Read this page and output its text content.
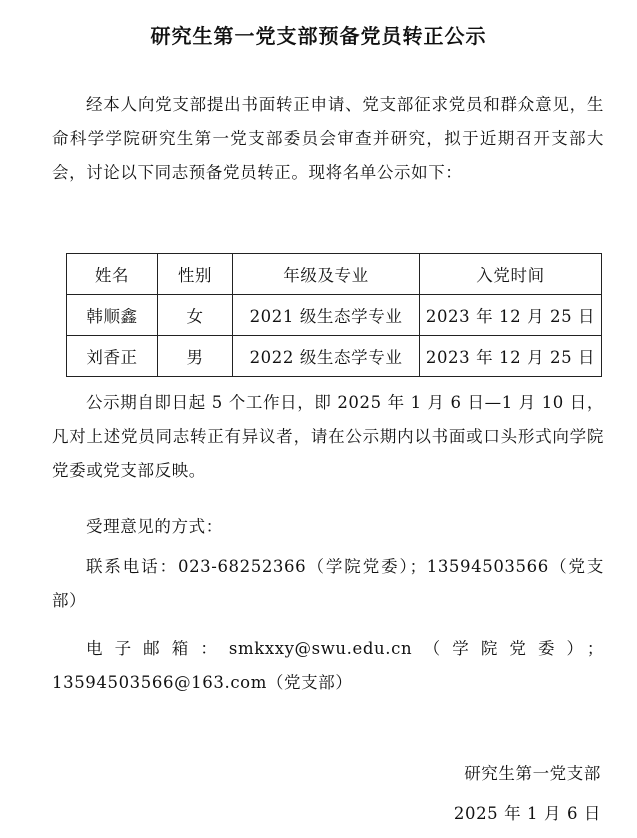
研究生第一党支部预备党员转正公示
经本人向党支部提出书面转正申请、党支部征求党员和群众意见，生命科学学院研究生第一党支部委员会审查并研究，拟于近期召开支部大会，讨论以下同志预备党员转正。现将名单公示如下：
姓名	性别	年级及专业	入党时间
韩顺鑫	女	2021 级生态学专业	2023 年 12 月 25 日
刘香正	男	2022 级生态学专业	2023 年 12 月 25 日
公示期自即日起 5 个工作日，即 2025 年 1 月 6 日—1 月 10 日，凡对上述党员同志转正有异议者，请在公示期内以书面或口头形式向学院党委或党支部反映。
受理意见的方式：
联系电话：023-68252366（学院党委）；13594503566（党支部）
电子邮箱：smkxxy@swu.edu.cn（学院党委）；13594503566@163.com（党支部）
研究生第一党支部
2025 年 1 月 6 日
